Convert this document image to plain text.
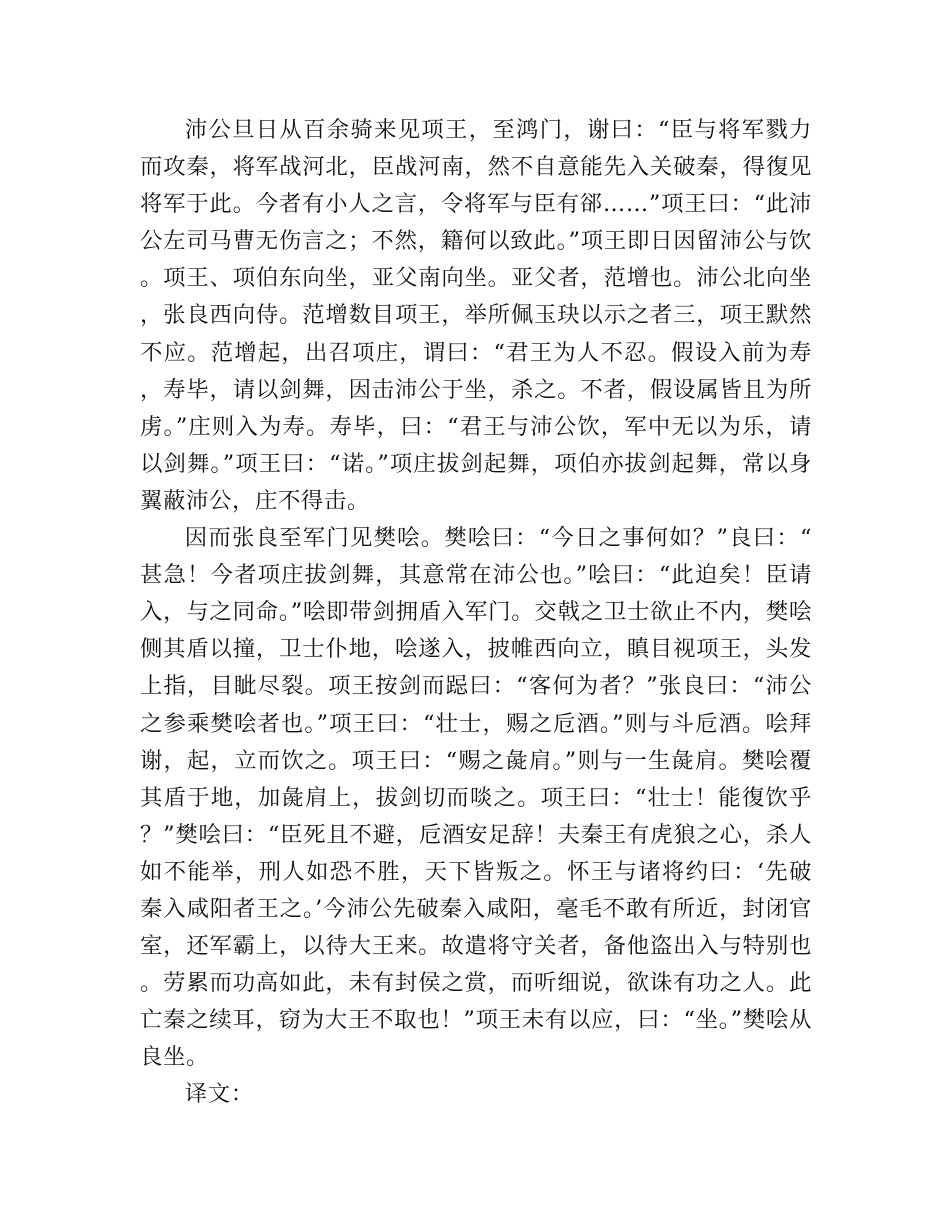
沛公旦日从百余骑来见项王，至鸿门，谢曰：“臣与将军戮力而攻秦，将军战河北，臣战河南，然不自意能先入关破秦，得復见将军于此。今者有小人之言，令将军与臣有郤……”项王曰：“此沛公左司马曹无伤言之；不然，籍何以致此。”项王即日因留沛公与饮。项王、项伯东向坐，亚父南向坐。亚父者，范增也。沛公北向坐，张良西向侍。范增数目项王，举所佩玉玦以示之者三，项王默然不应。范增起，出召项庄，谓曰：“君王为人不忍。假设入前为寿，寿毕，请以剑舞，因击沛公于坐，杀之。不者，假设属皆且为所虏。”庄则入为寿。寿毕，曰：“君王与沛公饮，军中无以为乐，请以剑舞。”项王曰：“诺。”项庄拔剑起舞，项伯亦拔剑起舞，常以身翼蔽沛公，庄不得击。

因而张良至军门见樊哙。樊哙曰：“今日之事何如？”良曰：“甚急！今者项庄拔剑舞，其意常在沛公也。”哙曰：“此迫矣！臣请入，与之同命。”哙即带剑拥盾入军门。交戟之卫士欲止不内，樊哙侧其盾以撞，卫士仆地，哙遂入，披帷西向立，瞋目视项王，头发上指，目眦尽裂。项王按剑而跽曰：“客何为者？”张良曰：“沛公之参乘樊哙者也。”项王曰：“壮士，赐之卮酒。”则与斗卮酒。哙拜谢，起，立而饮之。项王曰：“赐之彘肩。”则与一生彘肩。樊哙覆其盾于地，加彘肩上，拔剑切而啖之。项王曰：“壮士！能復饮乎？”樊哙曰：“臣死且不避，卮酒安足辞！夫秦王有虎狼之心，杀人如不能举，刑人如恐不胜，天下皆叛之。怀王与诸将约曰：‘先破秦入咸阳者王之。’今沛公先破秦入咸阳，毫毛不敢有所近，封闭官室，还军霸上，以待大王来。故遣将守关者，备他盗出入与特别也。劳累而功高如此，未有封侯之赏，而听细说，欲诛有功之人。此亡秦之续耳，窃为大王不取也！”项王未有以应，曰：“坐。”樊哙从良坐。

译文：
